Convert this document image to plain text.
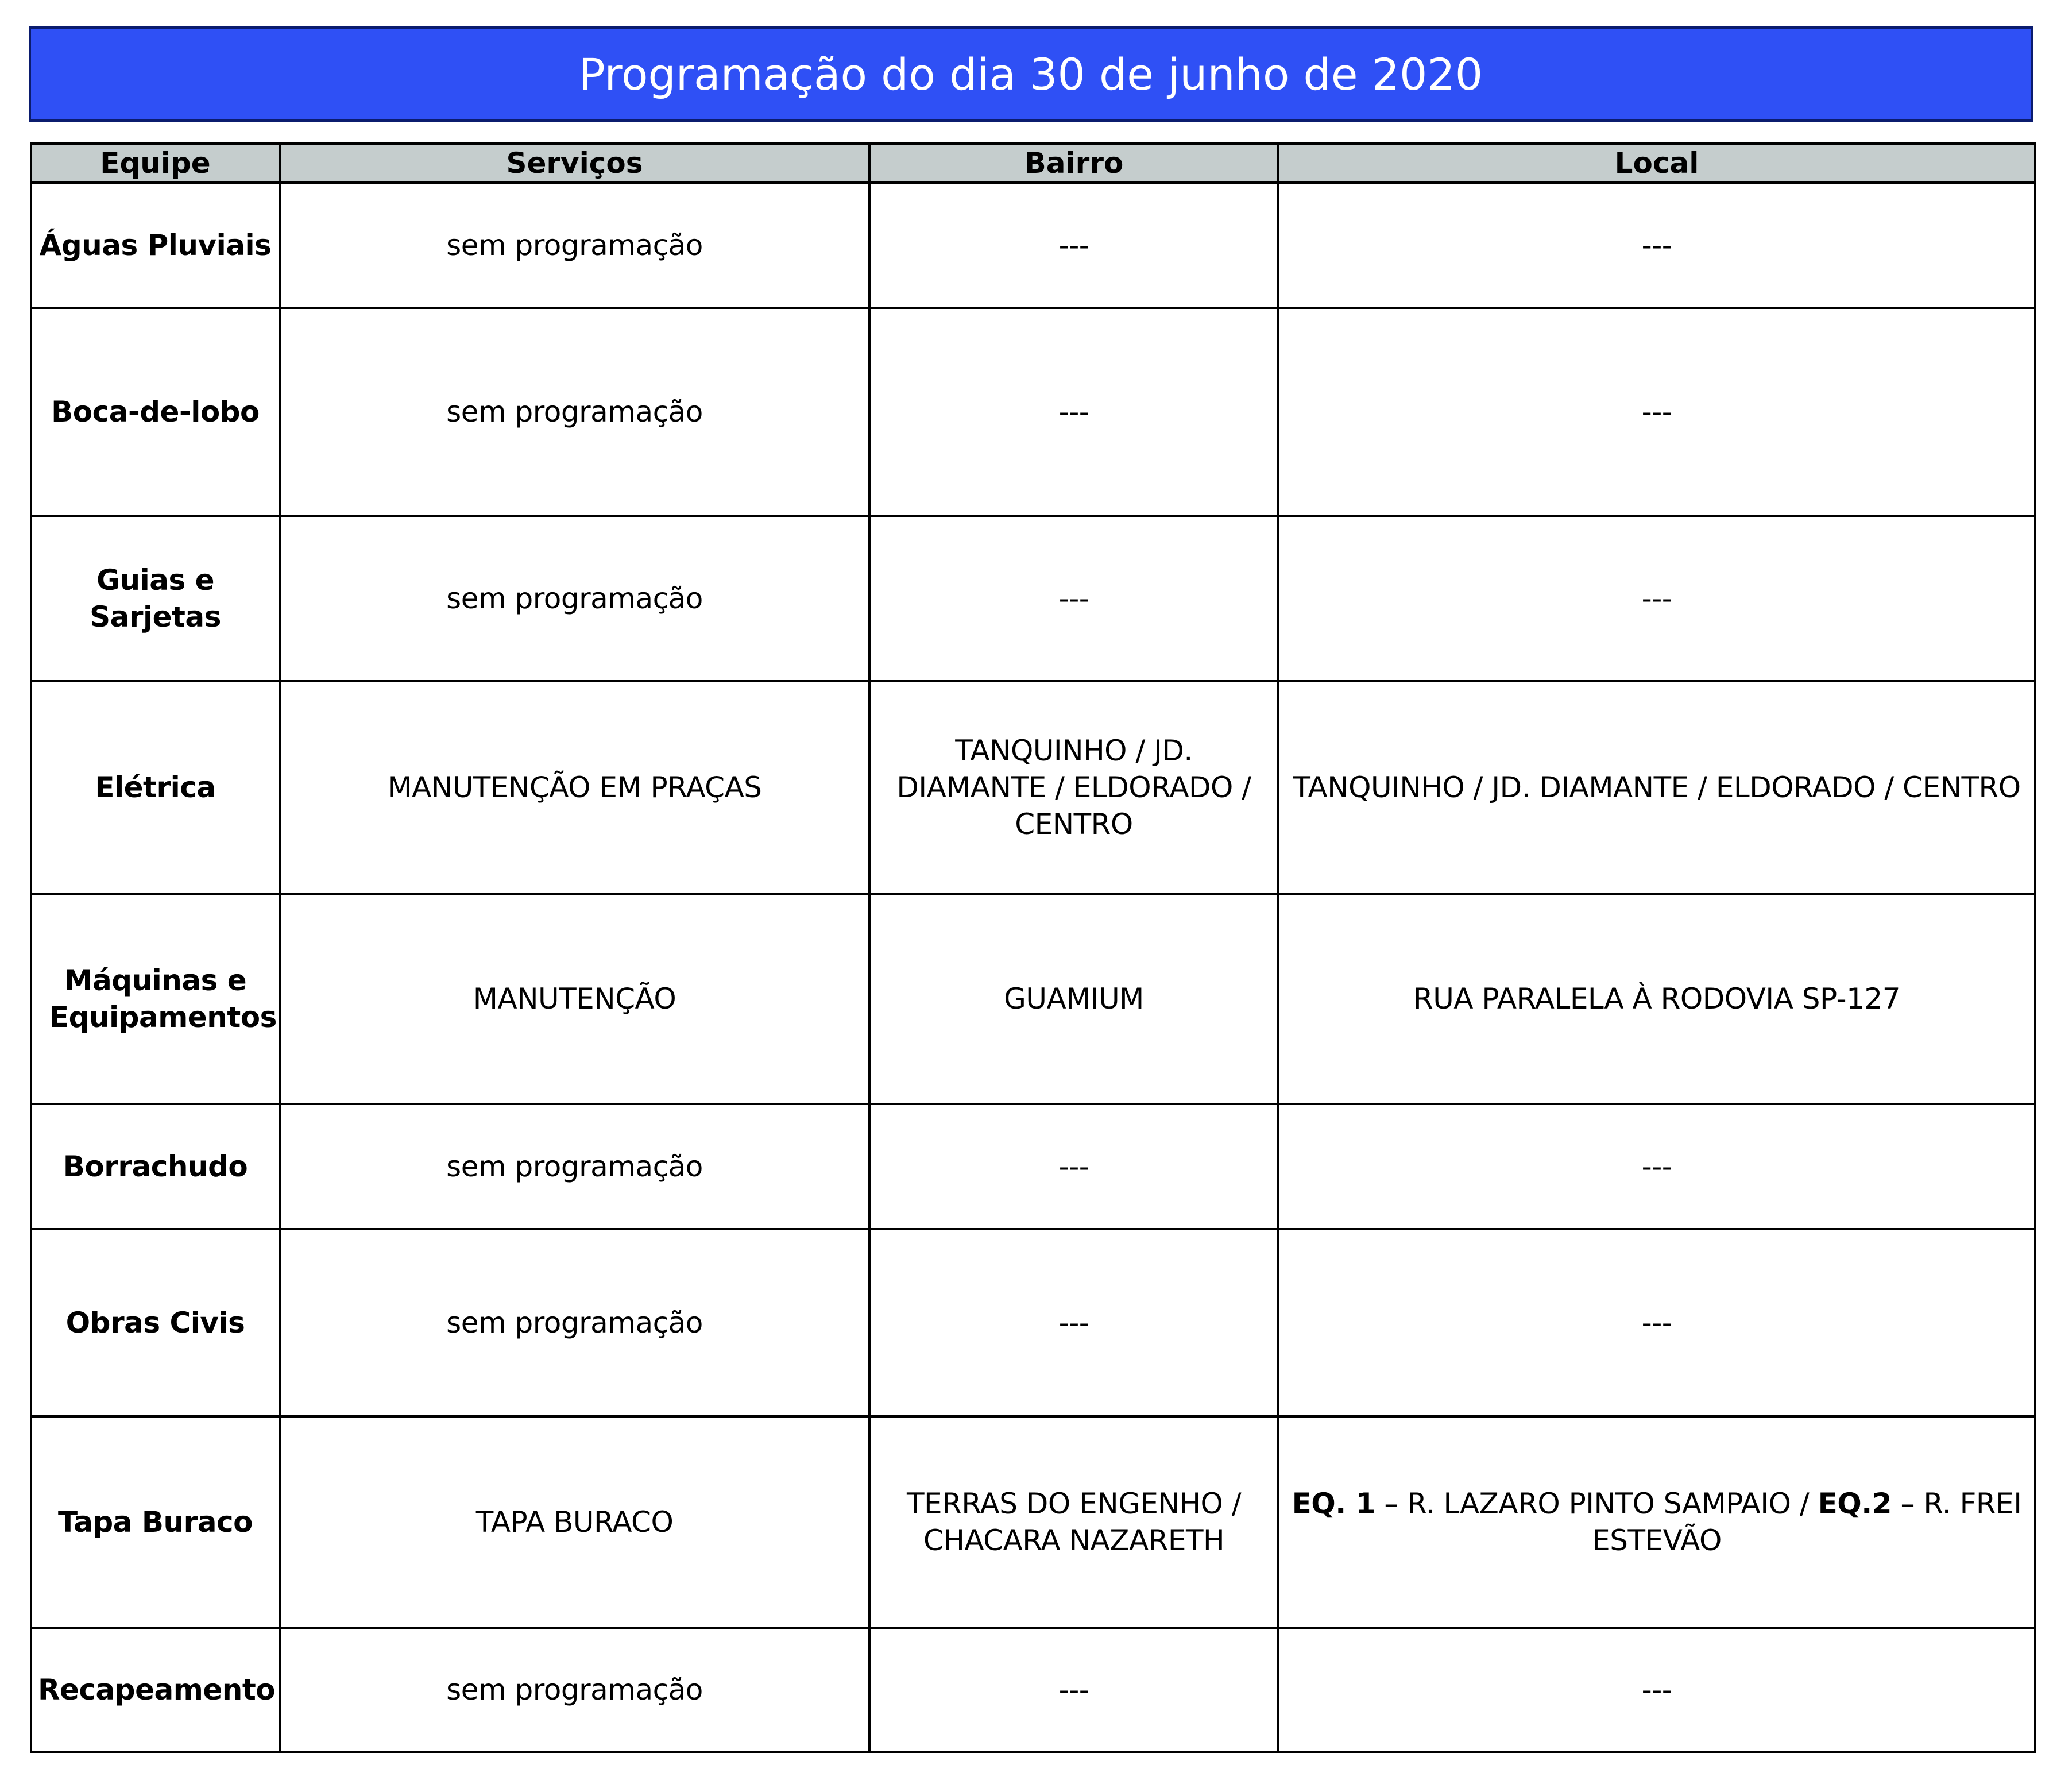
Programação do dia 30 de junho de 2020
Equipe	Serviços	Bairro	Local
Águas Pluviais	sem programação	---	---
Boca-de-lobo	sem programação	---	---
Guias e Sarjetas	sem programação	---	---
Elétrica	MANUTENÇÃO EM PRAÇAS	TANQUINHO / JD. DIAMANTE / ELDORADO / CENTRO	TANQUINHO / JD. DIAMANTE / ELDORADO / CENTRO
Máquinas e Equipamentos	MANUTENÇÃO	GUAMIUM	RUA PARALELA À RODOVIA SP-127
Borrachudo	sem programação	---	---
Obras Civis	sem programação	---	---
Tapa Buraco	TAPA BURACO	TERRAS DO ENGENHO / CHACARA NAZARETH	EQ. 1 – R. LAZARO PINTO SAMPAIO / EQ.2 – R. FREI ESTEVÃO
Recapeamento	sem programação	---	---
